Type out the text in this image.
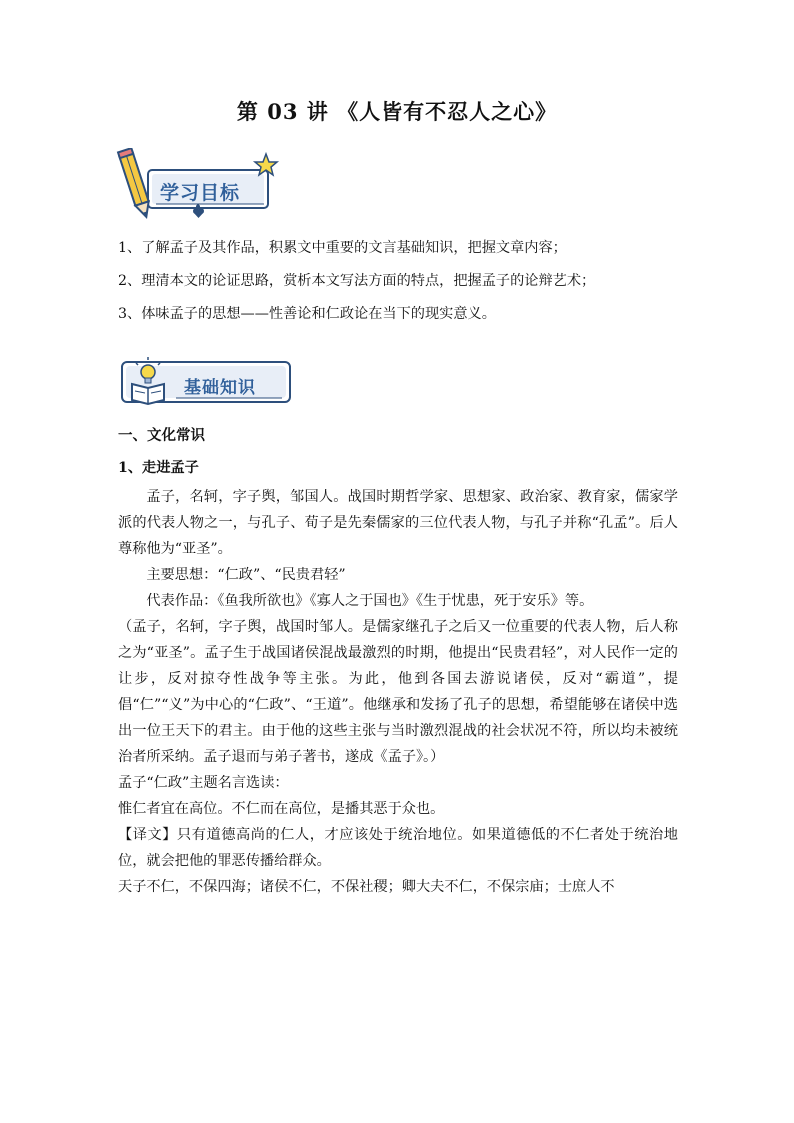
第 03 讲 《人皆有不忍人之心》
学习目标
1、了解孟子及其作品，积累文中重要的文言基础知识，把握文章内容；
2、理清本文的论证思路，赏析本文写法方面的特点，把握孟子的论辩艺术；
3、体味孟子的思想——性善论和仁政论在当下的现实意义。
基础知识

一、文化常识

1、走进孟子

孟子，名轲，字子舆，邹国人。战国时期哲学家、思想家、政治家、教育家，儒家学派的代表人物之一，与孔子、荀子是先秦儒家的三位代表人物，与孔子并称“孔孟”。后人尊称他为“亚圣”。

主要思想：“仁政”、“民贵君轻”

代表作品：《鱼我所欲也》《寡人之于国也》《生于忧患，死于安乐》等。

（孟子，名轲，字子舆，战国时邹人。是儒家继孔子之后又一位重要的代表人物，后人称之为“亚圣”。孟子生于战国诸侯混战最激烈的时期，他提出“民贵君轻”，对人民作一定的让步，反对掠夺性战争等主张。为此，他到各国去游说诸侯，反对“霸道”，提倡“仁”“义”为中心的“仁政”、“王道”。他继承和发扬了孔子的思想，希望能够在诸侯中选出一位王天下的君主。由于他的这些主张与当时激烈混战的社会状况不符，所以均未被统治者所采纳。孟子退而与弟子著书，遂成《孟子》。）

孟子“仁政”主题名言选读：

惟仁者宜在高位。不仁而在高位，是播其恶于众也。

【译文】只有道德高尚的仁人，才应该处于统治地位。如果道德低的不仁者处于统治地位，就会把他的罪恶传播给群众。

天子不仁，不保四海；诸侯不仁，不保社稷；卿大夫不仁，不保宗庙；士庶人不
